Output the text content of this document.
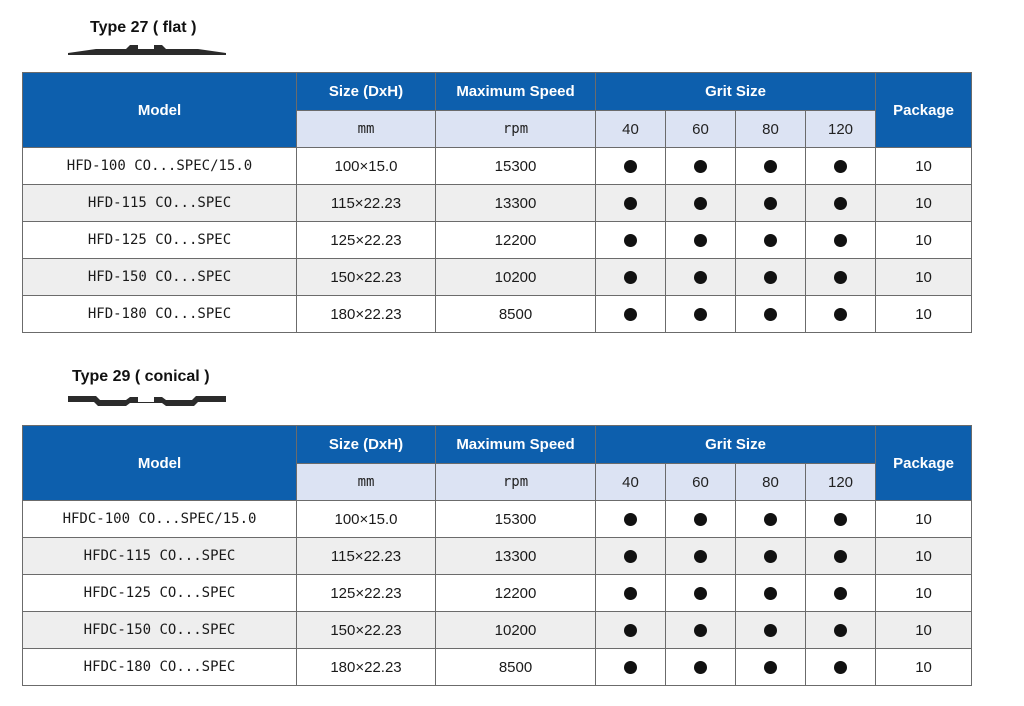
Type 27 ( flat )
Model	Size (DxH)	Maximum Speed	Grit Size				Package
	mm	rpm	40	60	80	120	
HFD-100 CO...SPEC/15.0	100×15.0	15300					10
HFD-115 CO...SPEC	115×22.23	13300					10
HFD-125 CO...SPEC	125×22.23	12200					10
HFD-150 CO...SPEC	150×22.23	10200					10
HFD-180 CO...SPEC	180×22.23	8500					10
Type 29 ( conical )
Model	Size (DxH)	Maximum Speed	Grit Size				Package
	mm	rpm	40	60	80	120	
HFDC-100 CO...SPEC/15.0	100×15.0	15300					10
HFDC-115 CO...SPEC	115×22.23	13300					10
HFDC-125 CO...SPEC	125×22.23	12200					10
HFDC-150 CO...SPEC	150×22.23	10200					10
HFDC-180 CO...SPEC	180×22.23	8500					10
